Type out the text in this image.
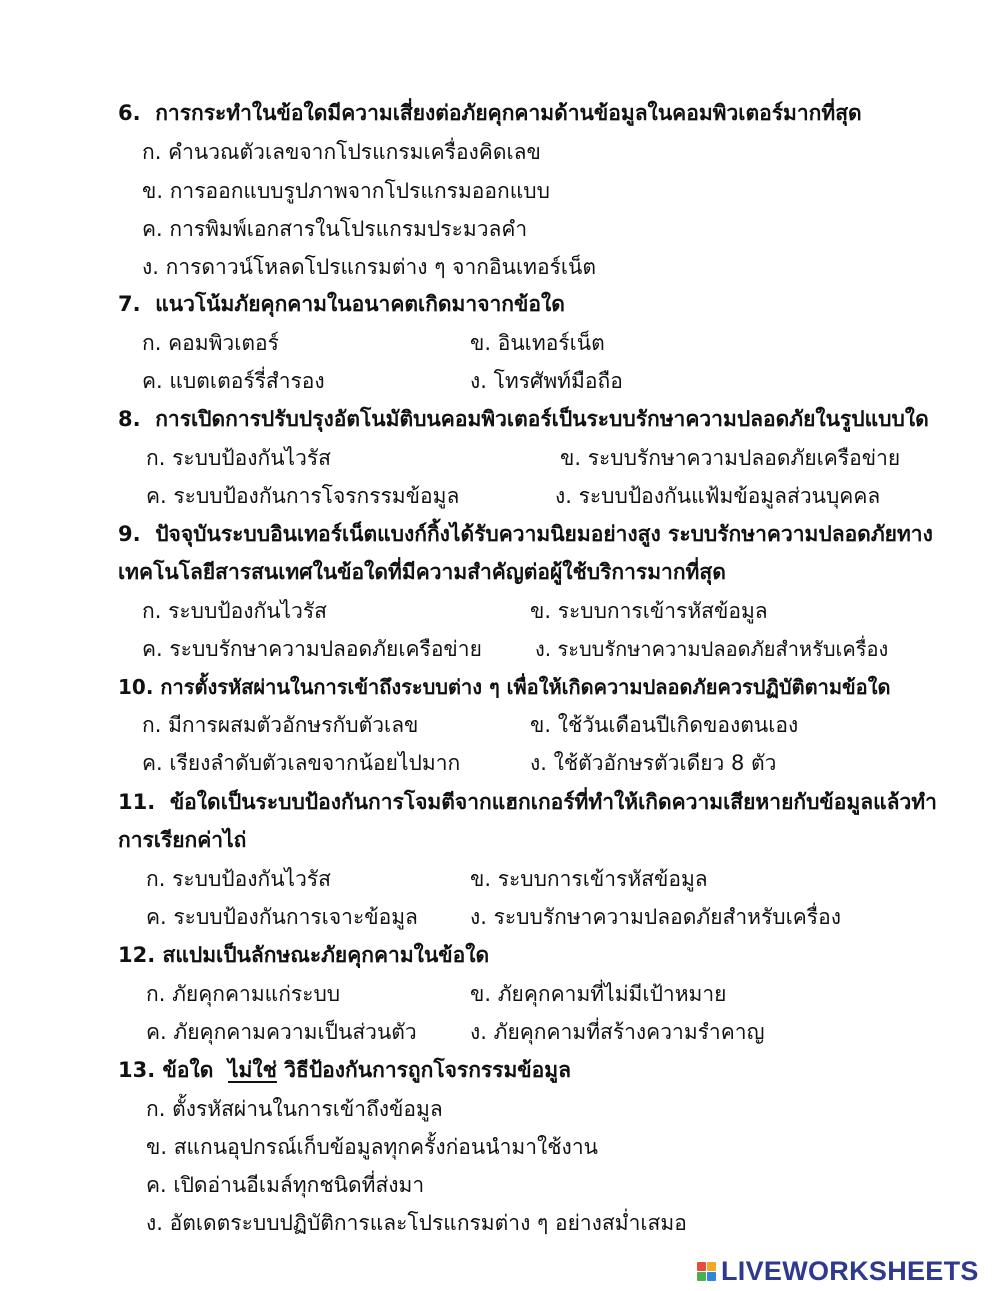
6. การกระทำในข้อใดมีความเสี่ยงต่อภัยคุกคามด้านข้อมูลในคอมพิวเตอร์มากที่สุด
ก. คำนวณตัวเลขจากโปรแกรมเครื่องคิดเลข
ข. การออกแบบรูปภาพจากโปรแกรมออกแบบ
ค. การพิมพ์เอกสารในโปรแกรมประมวลคำ
ง. การดาวน์โหลดโปรแกรมต่าง ๆ จากอินเทอร์เน็ต
7. แนวโน้มภัยคุกคามในอนาคตเกิดมาจากข้อใด
ก. คอมพิวเตอร์	ข. อินเทอร์เน็ต
ค. แบตเตอร์รี่สำรอง	ง. โทรศัพท์มือถือ
8. การเปิดการปรับปรุงอัตโนมัติบนคอมพิวเตอร์เป็นระบบรักษาความปลอดภัยในรูปแบบใด
ก. ระบบป้องกันไวรัส	ข. ระบบรักษาความปลอดภัยเครือข่าย
ค. ระบบป้องกันการโจรกรรมข้อมูล	ง. ระบบป้องกันแฟ้มข้อมูลส่วนบุคคล
9. ปัจจุบันระบบอินเทอร์เน็ตแบงก์กิ้งได้รับความนิยมอย่างสูง ระบบรักษาความปลอดภัยทาง
เทคโนโลยีสารสนเทศในข้อใดที่มีความสำคัญต่อผู้ใช้บริการมากที่สุด
ก. ระบบป้องกันไวรัส	ข. ระบบการเข้ารหัสข้อมูล
ค. ระบบรักษาความปลอดภัยเครือข่าย	ง. ระบบรักษาความปลอดภัยสำหรับเครื่อง
10. การตั้งรหัสผ่านในการเข้าถึงระบบต่าง ๆ เพื่อให้เกิดความปลอดภัยควรปฏิบัติตามข้อใด
ก. มีการผสมตัวอักษรกับตัวเลข	ข. ใช้วันเดือนปีเกิดของตนเอง
ค. เรียงลำดับตัวเลขจากน้อยไปมาก	ง. ใช้ตัวอักษรตัวเดียว 8 ตัว
11. ข้อใดเป็นระบบป้องกันการโจมตีจากแฮกเกอร์ที่ทำให้เกิดความเสียหายกับข้อมูลแล้วทำ
การเรียกค่าไถ่
ก. ระบบป้องกันไวรัส	ข. ระบบการเข้ารหัสข้อมูล
ค. ระบบป้องกันการเจาะข้อมูล ง. ระบบรักษาความปลอดภัยสำหรับเครื่อง
12. สแปมเป็นลักษณะภัยคุกคามในข้อใด
ก. ภัยคุกคามแก่ระบบ	ข. ภัยคุกคามที่ไม่มีเป้าหมาย
ค. ภัยคุกคามความเป็นส่วนตัว	ง. ภัยคุกคามที่สร้างความรำคาญ
13. ข้อใด ไม่ใช่ วิธีป้องกันการถูกโจรกรรมข้อมูล
ก. ตั้งรหัสผ่านในการเข้าถึงข้อมูล
ข. สแกนอุปกรณ์เก็บข้อมูลทุกครั้งก่อนนำมาใช้งาน
ค. เปิดอ่านอีเมล์ทุกชนิดที่ส่งมา
ง. อัตเดตระบบปฏิบัติการและโปรแกรมต่าง ๆ อย่างสม่ำเสมอ
LIVEWORKSHEETS
